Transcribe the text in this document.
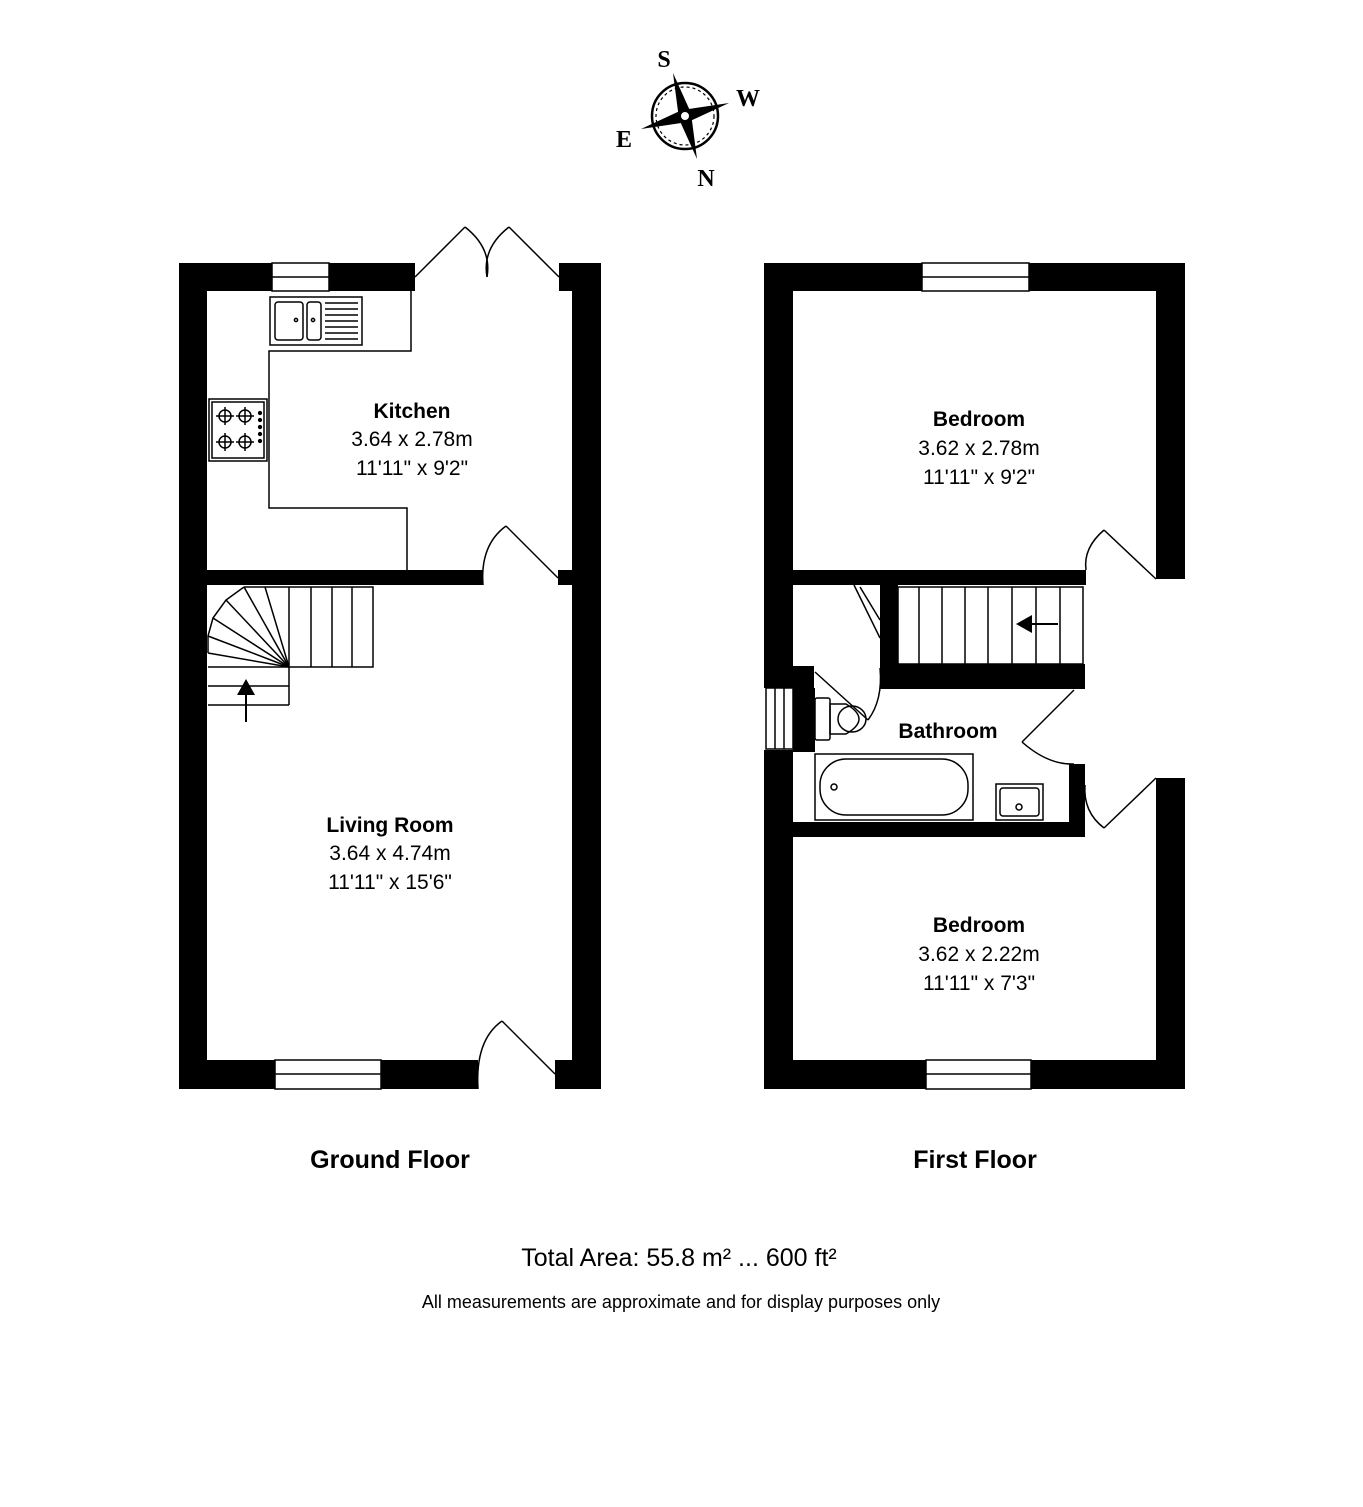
S
W
E
N
Kitchen
3.64 x 2.78m
11'11" x 9'2"
Living Room
3.64 x 4.74m
11'11" x 15'6"
Ground Floor
Bedroom
3.62 x 2.78m
11'11" x 9'2"
Bathroom
Bedroom
3.62 x 2.22m
11'11" x 7'3"
First Floor
Total Area: 55.8 m² ... 600 ft²
All measurements are approximate and for display purposes only
